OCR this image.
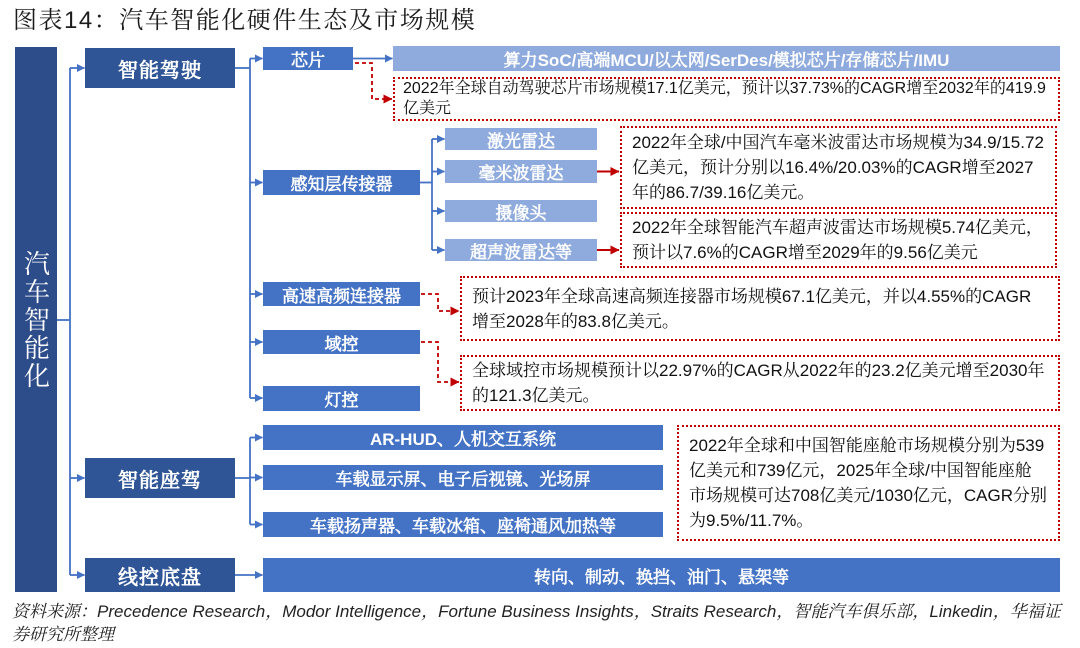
图表14：汽车智能化硬件生态及市场规模
汽车智能化
智能驾驶
智能座驾
线控底盘
芯片	算力SoC/高端MCU/以太网/SerDes/模拟芯片/存储芯片/IMU
2022年全球自动驾驶芯片市场规模17.1亿美元，预计以37.73%的CAGR增至2032年的419.9亿美元
感知层传接器
激光雷达
毫米波雷达
摄像头
超声波雷达等
2022年全球/中国汽车毫米波雷达市场规模为34.9/15.72亿美元，预计分别以16.4%/20.03%的CAGR增至2027年的86.7/39.16亿美元。
2022年全球智能汽车超声波雷达市场规模5.74亿美元，预计以7.6%的CAGR增至2029年的9.56亿美元
高速高频连接器	预计2023年全球高速高频连接器市场规模67.1亿美元，并以4.55%的CAGR增至2028年的83.8亿美元。
域控
全球域控市场规模预计以22.97%的CAGR从2022年的23.2亿美元增至2030年的121.3亿美元。
灯控
AR-HUD、人机交互系统
车载显示屏、电子后视镜、光场屏
车载扬声器、车载冰箱、座椅通风加热等
2022年全球和中国智能座舱市场规模分别为539亿美元和739亿元，2025年全球/中国智能座舱市场规模可达708亿美元/1030亿元，CAGR分别为9.5%/11.7%。
转向、制动、换挡、油门、悬架等
资料来源：Precedence Research，Modor Intelligence，Fortune Business Insights，Straits Research，智能汽车俱乐部，Linkedin，华福证券研究所整理
